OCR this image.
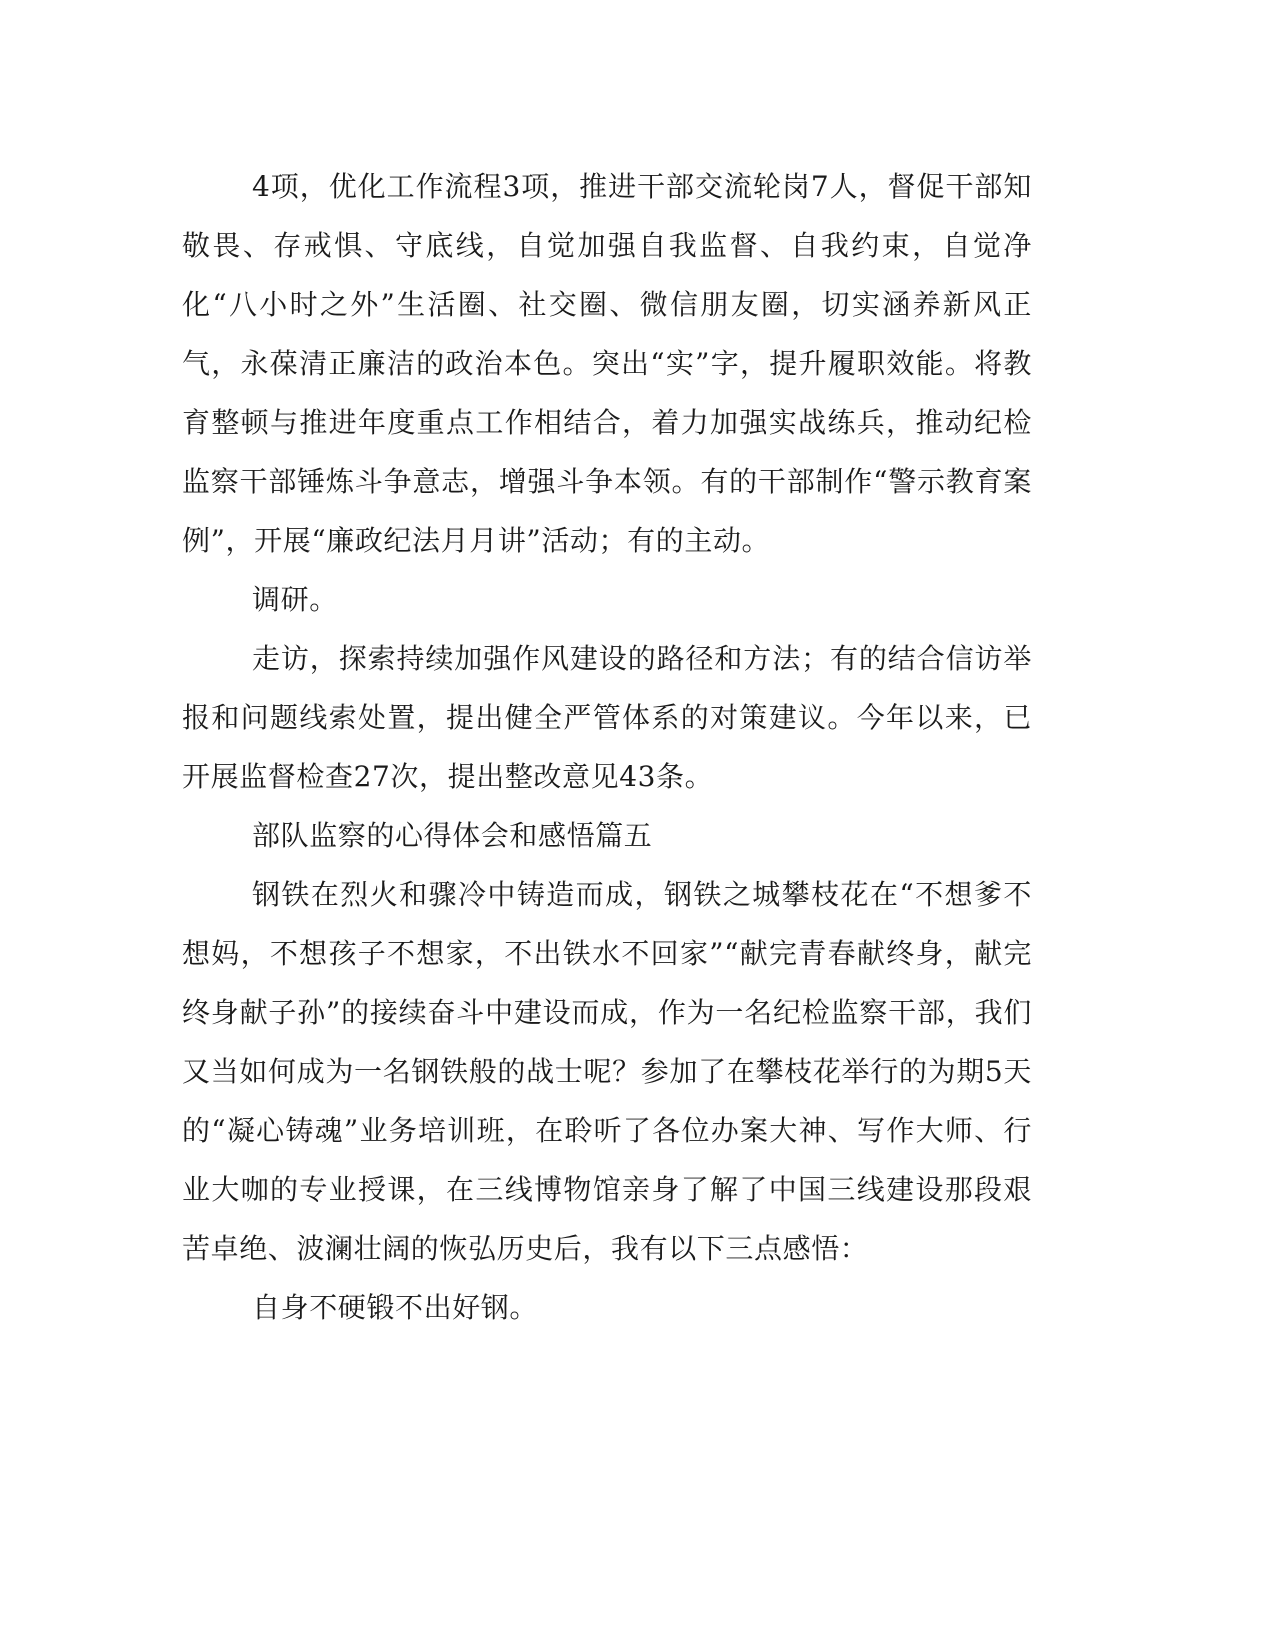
4项，优化工作流程3项，推进干部交流轮岗7人，督促干部知敬畏、存戒惧、守底线，自觉加强自我监督、自我约束，自觉净化“八小时之外”生活圈、社交圈、微信朋友圈，切实涵养新风正气，永葆清正廉洁的政治本色。突出“实”字，提升履职效能。将教育整顿与推进年度重点工作相结合，着力加强实战练兵，推动纪检监察干部锤炼斗争意志，增强斗争本领。有的干部制作“警示教育案例”，开展“廉政纪法月月讲”活动；有的主动。

调研。

走访，探索持续加强作风建设的路径和方法；有的结合信访举报和问题线索处置，提出健全严管体系的对策建议。今年以来，已开展监督检查27次，提出整改意见43条。

部队监察的心得体会和感悟篇五

钢铁在烈火和骤冷中铸造而成，钢铁之城攀枝花在“不想爹不想妈，不想孩子不想家，不出铁水不回家”“献完青春献终身，献完终身献子孙”的接续奋斗中建设而成，作为一名纪检监察干部，我们又当如何成为一名钢铁般的战士呢？参加了在攀枝花举行的为期5天的“凝心铸魂”业务培训班，在聆听了各位办案大神、写作大师、行业大咖的专业授课，在三线博物馆亲身了解了中国三线建设那段艰苦卓绝、波澜壮阔的恢弘历史后，我有以下三点感悟：

自身不硬锻不出好钢。
